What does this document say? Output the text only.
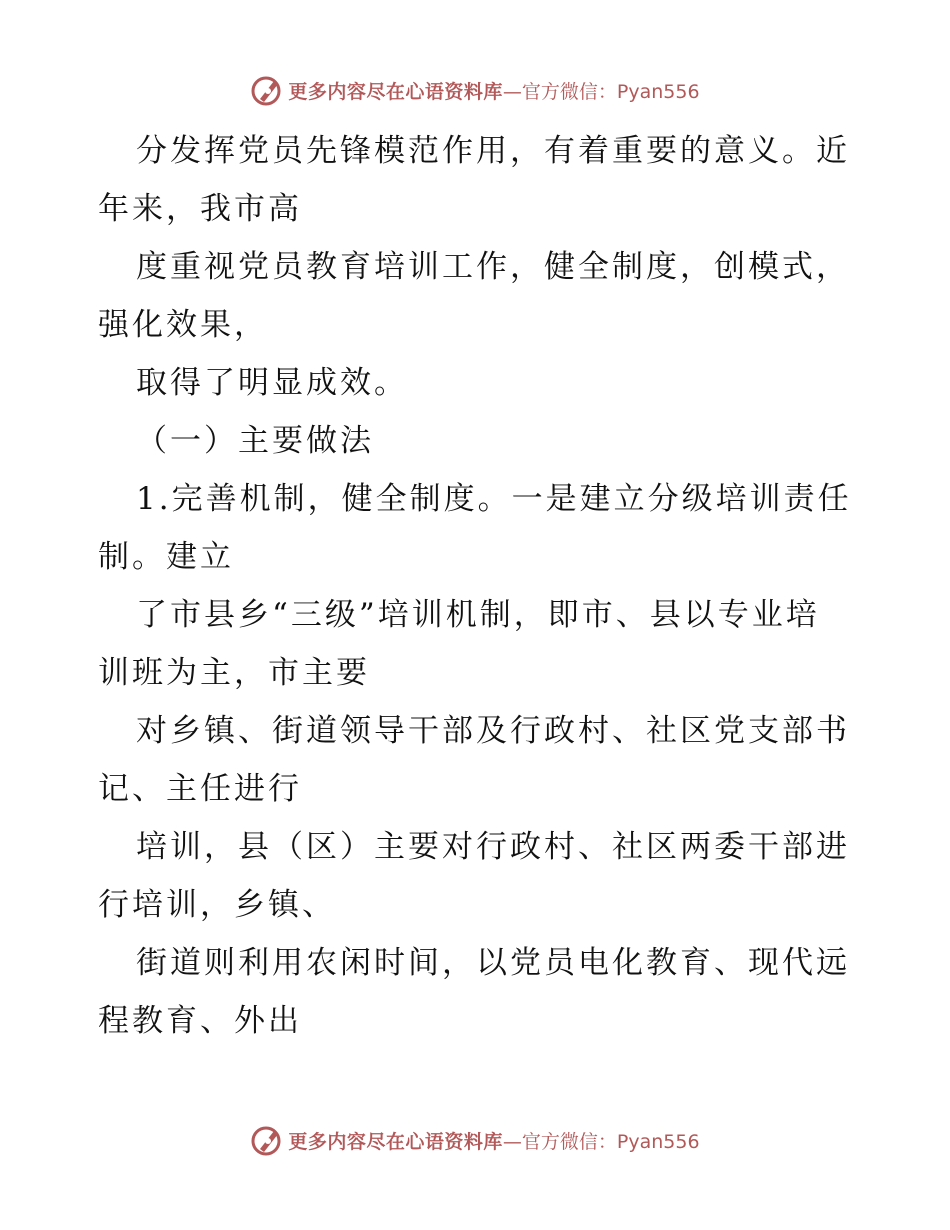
更多内容尽在心语资料库 —官方微信：Pyan556

分发挥党员先锋模范作用，有着重要的意义。近
年来，我市高
度重视党员教育培训工作，健全制度，创模式，
强化效果，
取得了明显成效。
（一）主要做法
1.完善机制，健全制度。一是建立分级培训责任
制。建立
了市县乡“三级”培训机制，即市、县以专业培
训班为主，市主要
对乡镇、街道领导干部及行政村、社区党支部书
记、主任进行
培训，县（区）主要对行政村、社区两委干部进
行培训，乡镇、
街道则利用农闲时间，以党员电化教育、现代远
程教育、外出

更多内容尽在心语资料库 —官方微信：Pyan556
